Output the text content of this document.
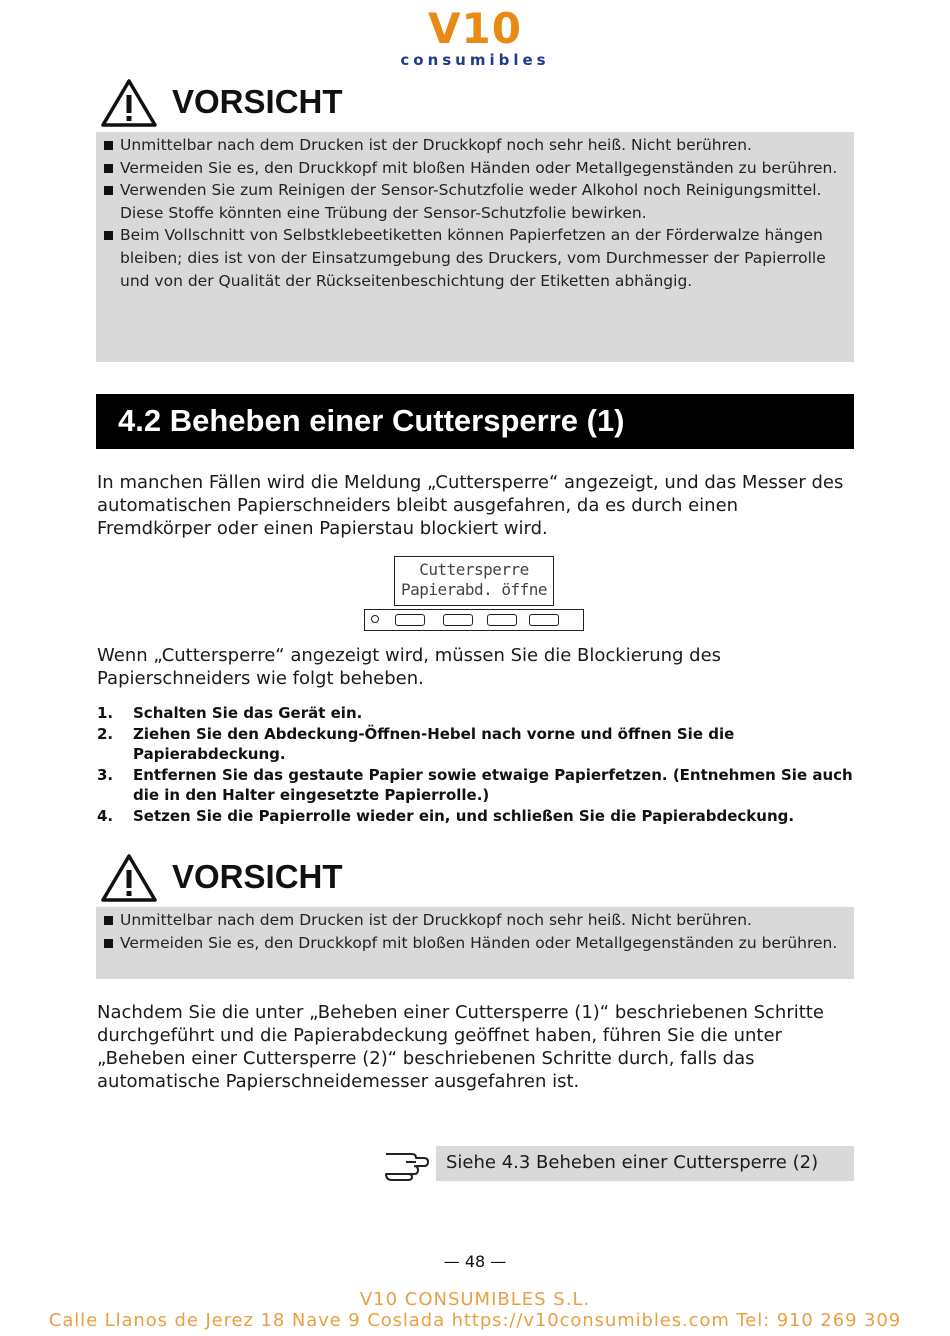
V10
consumibles
VORSICHT
Unmittelbar nach dem Drucken ist der Druckkopf noch sehr heiß. Nicht berühren.
Vermeiden Sie es, den Druckkopf mit bloßen Händen oder Metallgegenständen zu berühren.
Verwenden Sie zum Reinigen der Sensor-Schutzfolie weder Alkohol noch Reinigungsmittel. Diese Stoffe könnten eine Trübung der Sensor-Schutzfolie bewirken.
Beim Vollschnitt von Selbstklebeetiketten können Papierfetzen an der Förderwalze hängen bleiben; dies ist von der Einsatzumgebung des Druckers, vom Durchmesser der Papierrolle und von der Qualität der Rückseitenbeschichtung der Etiketten abhängig.
4.2 Beheben einer Cuttersperre (1)
In manchen Fällen wird die Meldung „Cuttersperre“ angezeigt, und das Messer des automatischen Papierschneiders bleibt ausgefahren, da es durch einen Fremdkörper oder einen Papierstau blockiert wird.
Cuttersperre
Papierabd. öffne
Wenn „Cuttersperre“ angezeigt wird, müssen Sie die Blockierung des Papierschneiders wie folgt beheben.
1. Schalten Sie das Gerät ein.
2. Ziehen Sie den Abdeckung-Öffnen-Hebel nach vorne und öffnen Sie die Papierabdeckung.
3. Entfernen Sie das gestaute Papier sowie etwaige Papierfetzen. (Entnehmen Sie auch die in den Halter eingesetzte Papierrolle.)
4. Setzen Sie die Papierrolle wieder ein, und schließen Sie die Papierabdeckung.
VORSICHT
Unmittelbar nach dem Drucken ist der Druckkopf noch sehr heiß. Nicht berühren.
Vermeiden Sie es, den Druckkopf mit bloßen Händen oder Metallgegenständen zu berühren.
Nachdem Sie die unter „Beheben einer Cuttersperre (1)“ beschriebenen Schritte durchgeführt und die Papierabdeckung geöffnet haben, führen Sie die unter „Beheben einer Cuttersperre (2)“ beschriebenen Schritte durch, falls das automatische Papierschneidemesser ausgefahren ist.
Siehe 4.3 Beheben einer Cuttersperre (2)
— 48 —
V10 CONSUMIBLES S.L.
Calle Llanos de Jerez 18 Nave 9 Coslada https://v10consumibles.com Tel: 910 269 309
